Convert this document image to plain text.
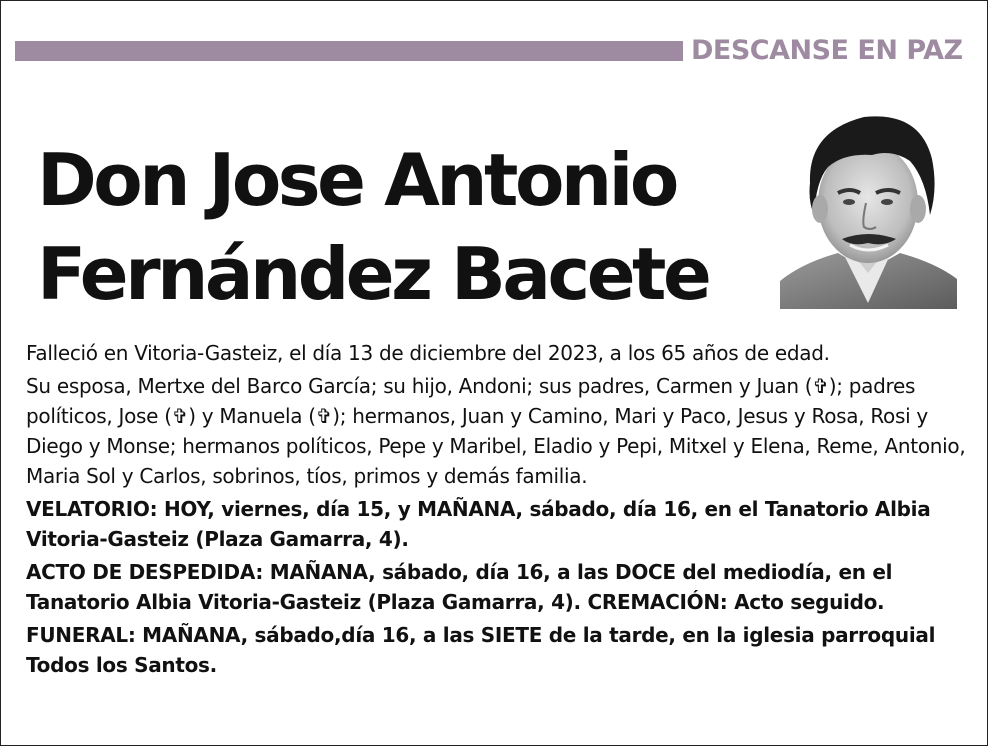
DESCANSE EN PAZ
Don Jose Antonio
Fernández Bacete

Falleció en Vitoria-Gasteiz, el día 13 de diciembre del 2023, a los 65 años de edad.

Su esposa, Mertxe del Barco García; su hijo, Andoni; sus padres, Carmen y Juan (✞); padres políticos, Jose (✞) y Manuela (✞); hermanos, Juan y Camino, Mari y Paco, Jesus y Rosa, Rosi y Diego y Monse; hermanos políticos, Pepe y Maribel, Eladio y Pepi, Mitxel y Elena, Reme, Antonio, Maria Sol y Carlos, sobrinos, tíos, primos y demás familia.

VELATORIO: HOY, viernes, día 15, y MAÑANA, sábado, día 16, en el Tanatorio Albia Vitoria-Gasteiz (Plaza Gamarra, 4).

ACTO DE DESPEDIDA: MAÑANA, sábado, día 16, a las DOCE del mediodía, en el Tanatorio Albia Vitoria-Gasteiz (Plaza Gamarra, 4). CREMACIÓN: Acto seguido.

FUNERAL: MAÑANA, sábado,día 16, a las SIETE de la tarde, en la iglesia parroquial Todos los Santos.
